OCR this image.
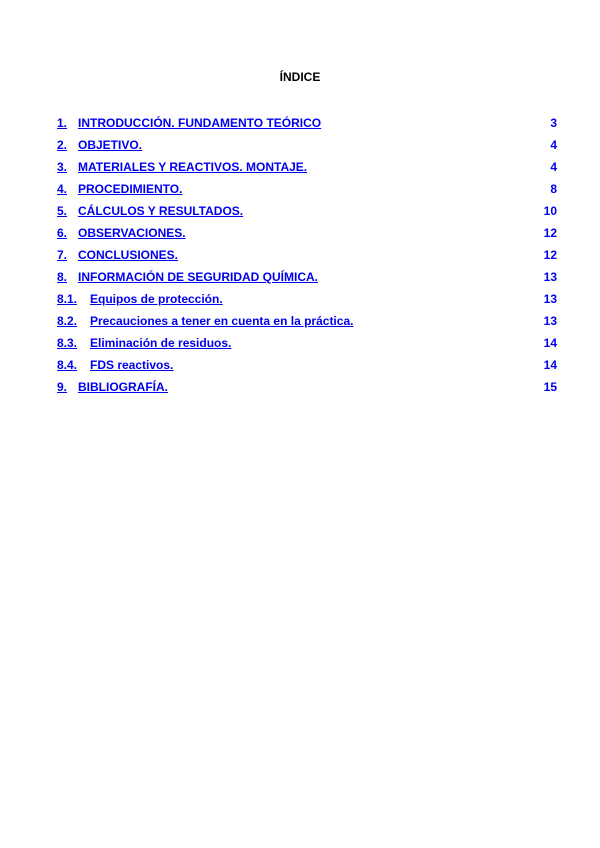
ÍNDICE
1. INTRODUCCIÓN. FUNDAMENTO TEÓRICO	3
2. OBJETIVO.	4
3. MATERIALES Y REACTIVOS. MONTAJE.	4
4. PROCEDIMIENTO.	8
5. CÁLCULOS Y RESULTADOS.	10
6. OBSERVACIONES.	12
7. CONCLUSIONES.	12
8. INFORMACIÓN DE SEGURIDAD QUÍMICA.	13
8.1. Equipos de protección.	13
8.2. Precauciones a tener en cuenta en la práctica.	13
8.3. Eliminación de residuos.	14
8.4. FDS reactivos.	14
9. BIBLIOGRAFÍA.	15
